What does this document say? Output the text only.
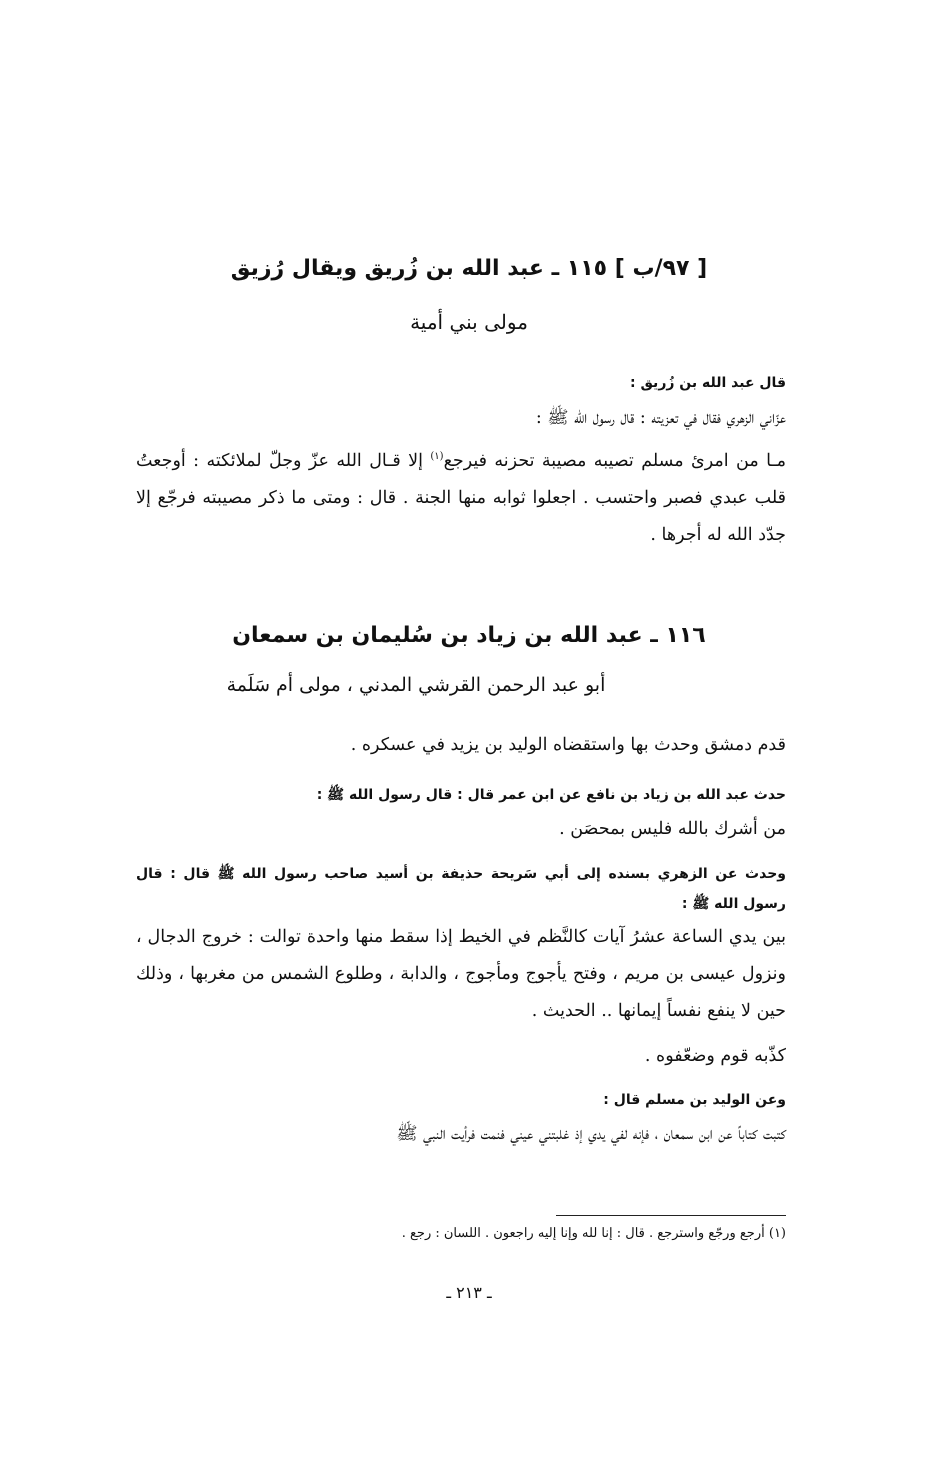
[ ٩٧/ب ] ١١٥ ـ عبد الله بن زُريق ويقال رُزيق
مولى بني أمية
قال عبد الله بن زُريق :
عزّاني الزهري فقال في تعزيته : قال رسول الله ﷺ :
مـا من امرئ مسلم تصيبه مصيبة تحزنه فيرجع$^{(١)}$ إلا قـال الله عزّ وجلّ لملائكته : أوجعتُ قلب عبدي فصبر واحتسب . اجعلوا ثوابه منها الجنة . قال : ومتى ما ذكر مصيبته فرجّع إلا جدّد الله له أجرها .
١١٦ ـ عبد الله بن زياد بن سُليمان بن سمعان
أبو عبد الرحمن القرشي المدني ، مولى أم سَلَمة
قدم دمشق وحدث بها واستقضاه الوليد بن يزيد في عسكره .
حدث عبد الله بن زياد بن نافع عن ابن عمر قال : قال رسول الله ﷺ :
من أشرك بالله فليس بمحصَن .
وحدث عن الزهري بسنده إلى أبي سَريحة حذيفة بن أسيد صاحب رسول الله ﷺ قال : قال رسول الله ﷺ :
بين يدي الساعة عشرُ آيات كالنَّظم في الخيط إذا سقط منها واحدة توالت : خروج الدجال ، ونزول عيسى بن مريم ، وفتح يأجوج ومأجوج ، والدابة ، وطلوع الشمس من مغربها ، وذلك حين لا ينفع نفساً إيمانها .. الحديث .
كذّبه قوم وضعّفوه .
وعن الوليد بن مسلم قال :
كتبت كتاباً عن ابن سمعان ، فإنه لفي يدي إذ غلبتني عيني فنمت فرأيت النبي ﷺ
(١) أرجع ورجّع واسترجع . قال : إنا لله وإنا إليه راجعون . اللسان : رجع .
ـ ٢١٣ ـ
